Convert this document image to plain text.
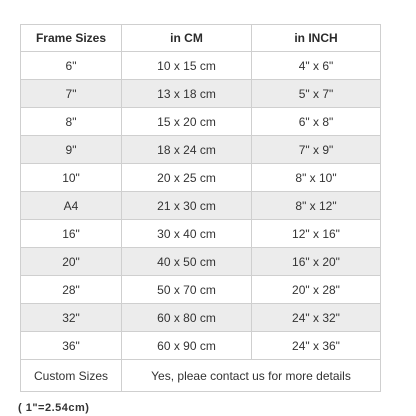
Frame Sizes	in CM	in INCH
6"	10 x 15 cm	4" x 6"
7"	13 x 18 cm	5" x 7"
8"	15 x 20 cm	6" x 8"
9"	18 x 24 cm	7" x 9"
10"	20 x 25 cm	8" x 10"
A4	21 x 30 cm	8" x 12"
16"	30 x 40 cm	12" x 16"
20"	40 x 50 cm	16" x 20"
28"	50 x 70 cm	20" x 28"
32"	60 x 80 cm	24" x 32"
36"	60 x 90 cm	24" x 36"
Custom Sizes	Yes, pleae contact us for more details	
( 1"=2.54cm)
